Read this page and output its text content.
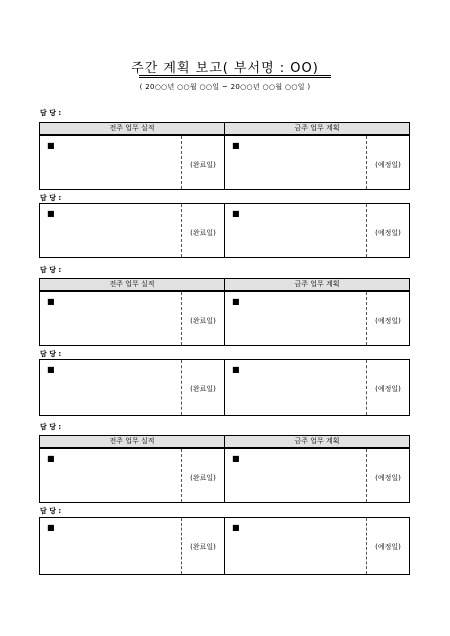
주간 계획 보고( 부서명 : OO)
( 20○○년 ○○월 ○○일 ~ 20○○년 ○○월 ○○일 )
담 당 :
전주 업무 실적	금주 업무 계획
■
(완료일)
■
(예정일)
담 당 :
■
(완료일)
■
(예정일)
담 당 :
전주 업무 실적	금주 업무 계획
■
(완료일)
■
(예정일)
담 당 :
■
(완료일)
■
(예정일)
담 당 :
전주 업무 실적	금주 업무 계획
■
(완료일)
■
(예정일)
담 당 :
■
(완료일)
■
(예정일)
